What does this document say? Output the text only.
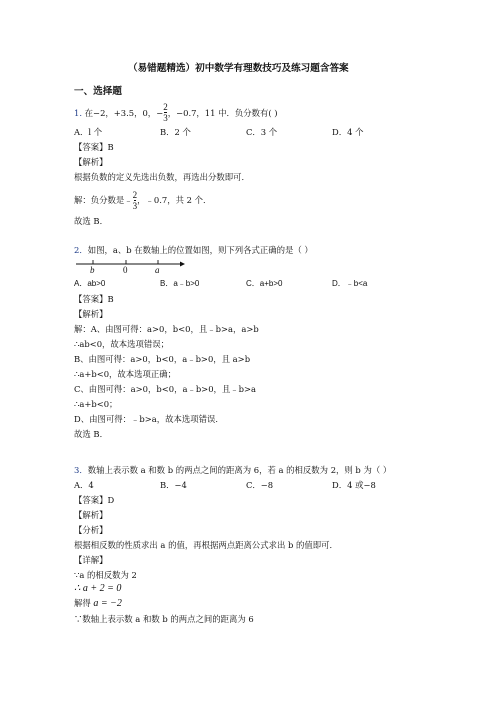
（易错题精选）初中数学有理数技巧及练习题含答案
一、选择题
1. 在−2，+3.5，0，− $\frac{2}{3}$ ，−0.7，11 中．负分数有( )
A．l 个	B．2 个	C．3 个	D．4 个
【答案】B
【解析】
根据负数的定义先选出负数，再选出分数即可．
解：负分数是﹣ $\frac{2}{3}$ ，﹣0.7，共 2 个．
故选 B．
2．如图，a、b 在数轴上的位置如图，则下列各式正确的是（ ）
b	0	a
A．ab>0	B．a﹣b>0	C．a+b>0	D．﹣b<a
【答案】B
【解析】
解：A、由图可得：a>0，b<0，且﹣b>a，a>b
∴ab<0，故本选项错误；
B、由图可得：a>0，b<0，a﹣b>0，且 a>b
∴a+b<0，故本选项正确；
C、由图可得：a>0，b<0，a﹣b>0，且﹣b>a
∴a+b<0；
D、由图可得：﹣b>a，故本选项错误．
故选 B．
3．数轴上表示数 a 和数 b 的两点之间的距离为 6，若 a 的相反数为 2，则 b 为（ ）
A．4	B．−4	C．−8	D．4 或−8
【答案】D
【解析】
【分析】
根据相反数的性质求出 a 的值，再根据两点距离公式求出 b 的值即可．
【详解】
∵a 的相反数为 2
∴ a + 2 = 0
解得 a = −2
∵数轴上表示数 a 和数 b 的两点之间的距离为 6
